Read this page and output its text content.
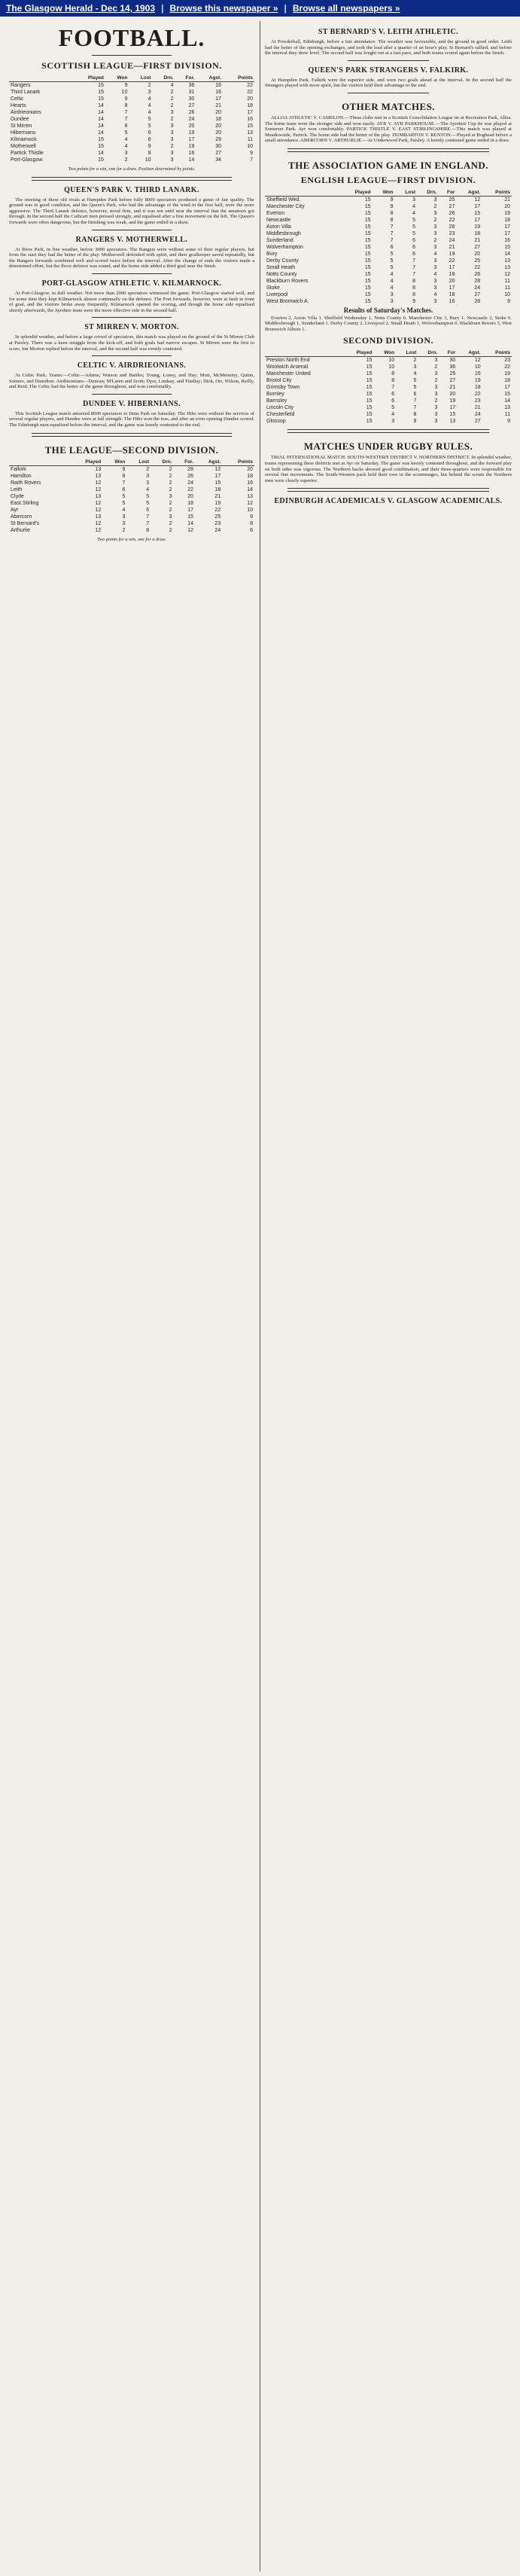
The Glasgow Herald - Dec 14, 1903 | Browse this newspaper » | Browse all newspapers »
FOOTBALL.
SCOTTISH LEAGUE—FIRST DIVISION.
	Played	Won	Lost	Drn.	For.	Agst.	Points
Rangers	15	9	2	4	36	16	22
Third Lanark	15	10	3	2	31	16	22
Celtic	15	9	4	2	30	17	20
Hearts	14	8	4	2	27	21	18
Airdrieonians	14	7	4	3	26	20	17
Dundee	14	7	5	2	24	18	16
St Mirren	14	6	5	3	20	20	15
Hibernians	14	5	6	3	19	20	13
Kilmarnock	15	4	8	3	17	29	11
Motherwell	15	4	9	2	19	30	10
Partick Thistle	14	3	8	3	16	27	9
Port-Glasgow	15	2	10	3	14	34	7
Two points for a win, one for a draw. Position determined by points.
QUEEN'S PARK V. THIRD LANARK.

The meeting of these old rivals at Hampden Park before fully 8000 spectators produced a game of fair quality. The ground was in good condition, and the Queen's Park, who had the advantage of the wind in the first half, were the more aggressive. The Third Lanark defence, however, stood firm, and it was not until near the interval that the amateurs got through. In the second half the Cathcart men pressed strongly, and equalised after a fine movement on the left. The Queen's forwards were often dangerous, but the finishing was weak, and the game ended in a draw.

RANGERS V. MOTHERWELL.

At Ibrox Park, in fine weather, before 3000 spectators. The Rangers were without some of their regular players, but from the start they had the better of the play. Motherwell defended with spirit, and their goalkeeper saved repeatedly, but the Rangers forwards combined well and scored twice before the interval. After the change of ends the visitors made a determined effort, but the Ibrox defence was sound, and the home side added a third goal near the finish.

PORT-GLASGOW ATHLETIC V. KILMARNOCK.

At Port-Glasgow, in dull weather. Not more than 2000 spectators witnessed the game. Port-Glasgow started well, and for some time they kept Kilmarnock almost continually on the defence. The Port forwards, however, were at fault in front of goal, and the visitors broke away frequently. Kilmarnock opened the scoring, and though the home side equalised shortly afterwards, the Ayrshire team were the more effective side in the second half.

ST MIRREN V. MORTON.

In splendid weather, and before a large crowd of spectators, this match was played on the ground of the St Mirren Club at Paisley. There was a keen struggle from the kick-off, and both goals had narrow escapes. St Mirren were the first to score, but Morton replied before the interval, and the second half was evenly contested.

CELTIC V. AIRDRIEONIANS.

At Celtic Park. Teams:—Celtic—Adams; Watson and Battles; Young, Loney, and Hay; Muir, McMenemy, Quinn, Somers, and Hamilton. Airdrieonians—Duncan; M'Laren and Scott; Dyer, Lindsay, and Findlay; Dick, Orr, Wilson, Reilly, and Reid. The Celtic had the better of the game throughout, and won comfortably.

DUNDEE V. HIBERNIANS.

This Scottish League match attracted 8000 spectators to Dens Park on Saturday. The Hibs were without the services of several regular players, and Dundee were at full strength. The Hibs won the toss, and after an even opening Dundee scored. The Edinburgh men equalised before the interval, and the game was keenly contested to the end.

THE LEAGUE—SECOND DIVISION.
	Played	Won	Lost	Drn.	For.	Agst.	Points
Falkirk	13	9	2	2	28	12	20
Hamilton	13	8	3	2	26	17	18
Raith Rovers	12	7	3	2	24	15	16
Leith	12	6	4	2	22	18	14
Clyde	13	5	5	3	20	21	13
East Stirling	12	5	5	2	18	19	12
Ayr	12	4	6	2	17	22	10
Abercorn	13	3	7	3	15	25	9
St Bernard's	12	3	7	2	14	23	8
Arthurlie	12	2	8	2	12	24	6
Two points for a win, one for a draw.
ST BERNARD'S V. LEITH ATHLETIC.

At Powderhall, Edinburgh, before a fair attendance. The weather was favourable, and the ground in good order. Leith had the better of the opening exchanges, and took the lead after a quarter of an hour's play. St Bernard's rallied, and before the interval they drew level. The second half was fought out at a fast pace, and both teams scored again before the finish.

QUEEN'S PARK STRANGERS V. FALKIRK.

At Hampden Park. Falkirk were the superior side, and were two goals ahead at the interval. In the second half the Strangers played with more spirit, but the visitors held their advantage to the end.

OTHER MATCHES.

ALLOA ATHLETIC V. CAMELON.—These clubs met in a Scottish Consolidation League tie at Recreation Park, Alloa. The home team were the stronger side and won easily. AYR V. AYR PARKHOUSE.—The Ayrshire Cup tie was played at Somerset Park. Ayr won comfortably. PARTICK THISTLE V. EAST STIRLINGSHIRE.—This match was played at Meadowside, Partick. The home side had the better of the play. DUMBARTON V. RENTON.—Played at Boghead before a small attendance. ABERCORN V. ARTHURLIE.—At Underwood Park, Paisley. A keenly contested game ended in a draw.

THE ASSOCIATION GAME IN ENGLAND.
ENGLISH LEAGUE—FIRST DIVISION.
	Played	Won	Lost	Drn.	For	Agst.	Points
Sheffield Wed.	15	9	3	3	25	12	21
Manchester City	15	9	4	2	27	17	20
Everton	15	8	4	3	26	15	19
Newcastle	15	8	5	2	22	17	18
Aston Villa	15	7	5	3	28	19	17
Middlesbrough	15	7	5	3	23	18	17
Sunderland	15	7	6	2	24	21	16
Wolverhampton	15	6	6	3	21	27	15
Bury	15	5	6	4	19	20	14
Derby County	15	5	7	3	22	25	13
Small Heath	15	5	7	3	17	22	13
Notts County	15	4	7	4	18	26	12
Blackburn Rovers	15	4	8	3	20	28	11
Stoke	15	4	8	3	17	24	11
Liverpool	15	3	8	4	18	27	10
West Bromwich A.	15	3	9	3	16	28	9
Results of Saturday's Matches.

Everton 2, Aston Villa 1. Sheffield Wednesday 1, Notts County 0. Manchester City 3, Bury 1. Newcastle 2, Stoke 0. Middlesbrough 1, Sunderland 1. Derby County 2, Liverpool 2. Small Heath 1, Wolverhampton 0. Blackburn Rovers 3, West Bromwich Albion 1.

SECOND DIVISION.
	Played	Won	Lost	Drn.	For	Agst.	Points
Preston North End	15	10	2	3	30	12	23
Woolwich Arsenal	15	10	3	2	36	10	22
Manchester United	15	8	4	3	25	16	19
Bristol City	15	8	5	2	27	19	18
Grimsby Town	15	7	5	3	21	18	17
Burnley	15	6	6	3	20	22	15
Barnsley	15	6	7	2	19	23	14
Lincoln City	15	5	7	3	17	21	13
Chesterfield	15	4	8	3	15	24	11
Glossop	15	3	9	3	13	27	9
MATCHES UNDER RUGBY RULES.

TRIAL INTERNATIONAL MATCH. SOUTH-WESTERN DISTRICT V. NORTHERN DISTRICT. In splendid weather, teams representing these districts met at Ayr on Saturday. The game was keenly contested throughout, and the forward play on both sides was vigorous. The Northern backs showed good combination, and their three-quarters were responsible for several fine movements. The South-Western pack held their own in the scrummages, but behind the scrum the Northern men were clearly superior.

EDINBURGH ACADEMICALS V. GLASGOW ACADEMICALS.
